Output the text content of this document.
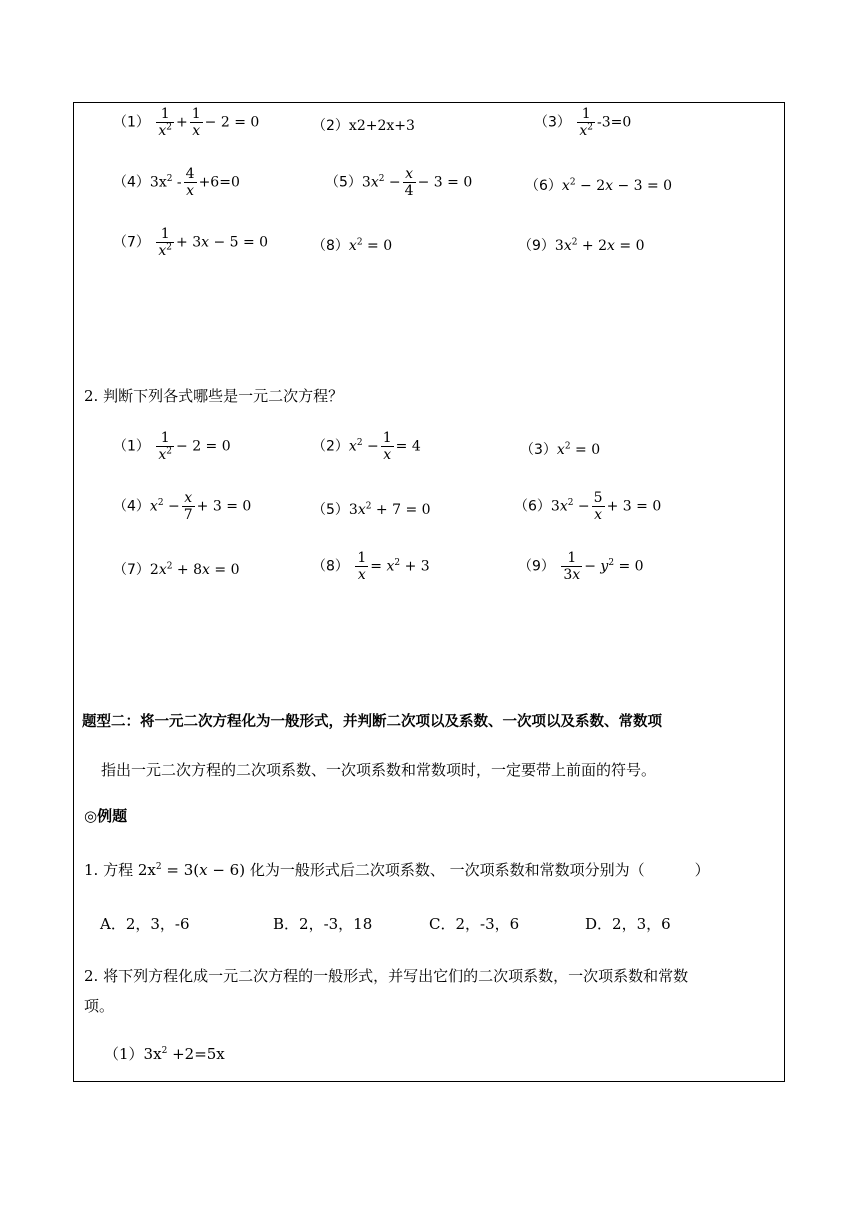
$(1) \frac{1}{x^2} + \frac{1}{x} - 2 = 0$	（2）x2+2x+3	$(3) \frac{1}{x^2} -3=0$
$(4)3x^2 - \frac{4}{x} +6=0$	$(5)3x^2 - \frac{x}{4} - 3 = 0$	$(6)x^2 - 2x - 3 = 0$
$(7) \frac{1}{x^2} + 3x - 5 = 0$	$(8)x^2 = 0$	$(9)3x^2 + 2x = 0$
2. 判断下列各式哪些是一元二次方程？
$(1) \frac{1}{x^2} - 2 = 0$	$(2)x^2 - \frac{1}{x} = 4$	$(3)x^2 = 0$
$(4)x^2 - \frac{x}{7} + 3 = 0$	$(5)3x^2 + 7 = 0$	$(6)3x^2 - \frac{5}{x} + 3 = 0$
$(7)2x^2 + 8x = 0$	$(8) \frac{1}{x} = x^2 + 3$	$(9) \frac{1}{3x} - y^2 = 0$
题型二：将一元二次方程化为一般形式，并判断二次项以及系数、一次项以及系数、常数项
指出一元二次方程的二次项系数、一次项系数和常数项时，一定要带上前面的符号。
◎例题
1. 方程 $2x^2 = 3(x - 6)$ 化为一般形式后二次项系数、 一次项系数和常数项分别为（	）
A．2，3，-6	B．2，-3，18	C．2，-3，6	D．2，3，6
2. 将下列方程化成一元二次方程的一般形式，并写出它们的二次项系数，一次项系数和常数
项。
$(1)3x^2 +2=5x$
